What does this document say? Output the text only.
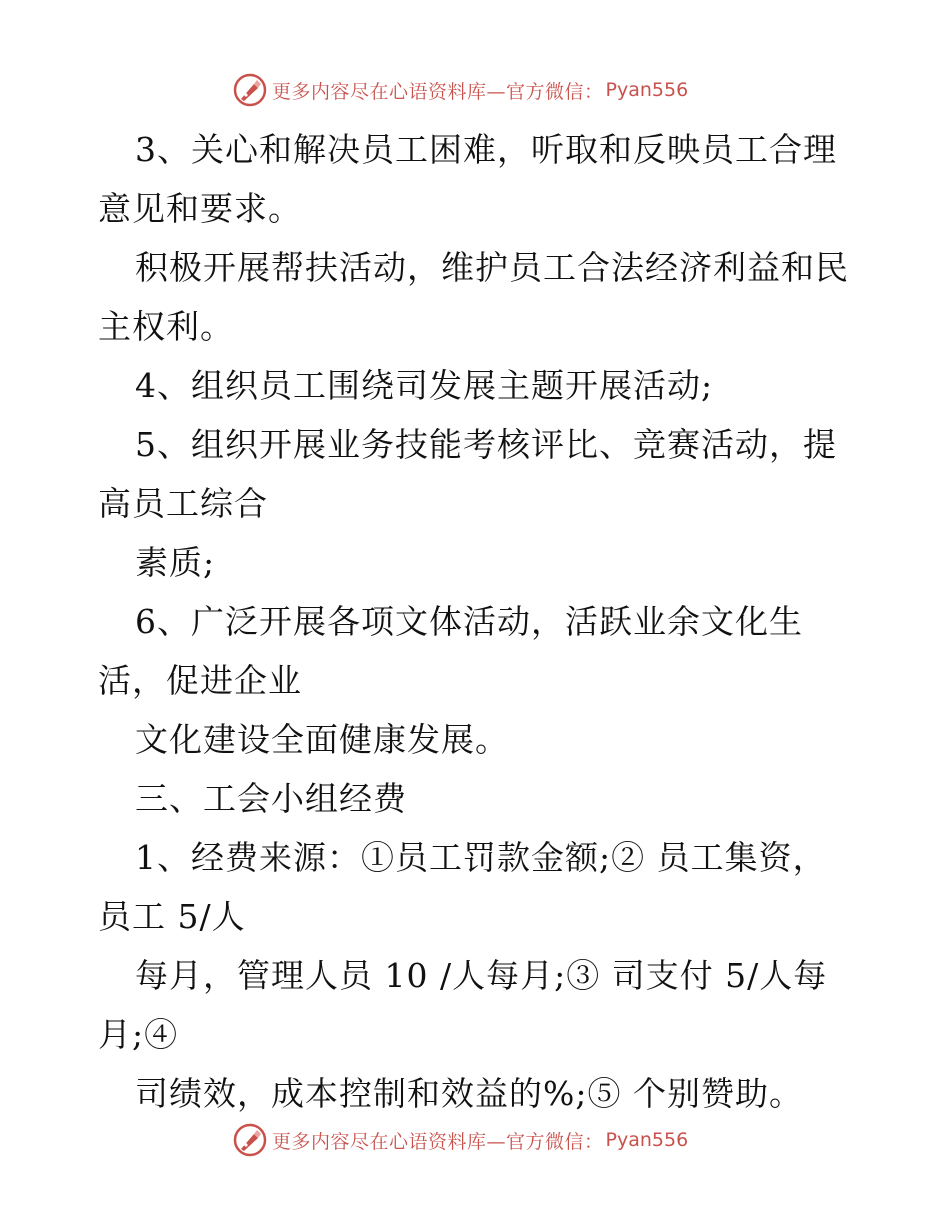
更多内容尽在心语资料库—官方微信： Pyan556
3、关心和解决员工困难，听取和反映员工合理
意见和要求。
积极开展帮扶活动，维护员工合法经济利益和民
主权利。
4、组织员工围绕司发展主题开展活动;
5、组织开展业务技能考核评比、竞赛活动，提
高员工综合
素质;
6、广泛开展各项文体活动，活跃业余文化生
活，促进企业
文化建设全面健康发展。
三、工会小组经费
1、经费来源：①员工罚款金额;② 员工集资，
员工 5/人
每月，管理人员 10 /人每月;③ 司支付 5/人每
月;④
司绩效，成本控制和效益的%;⑤ 个别赞助。
更多内容尽在心语资料库—官方微信： Pyan556
